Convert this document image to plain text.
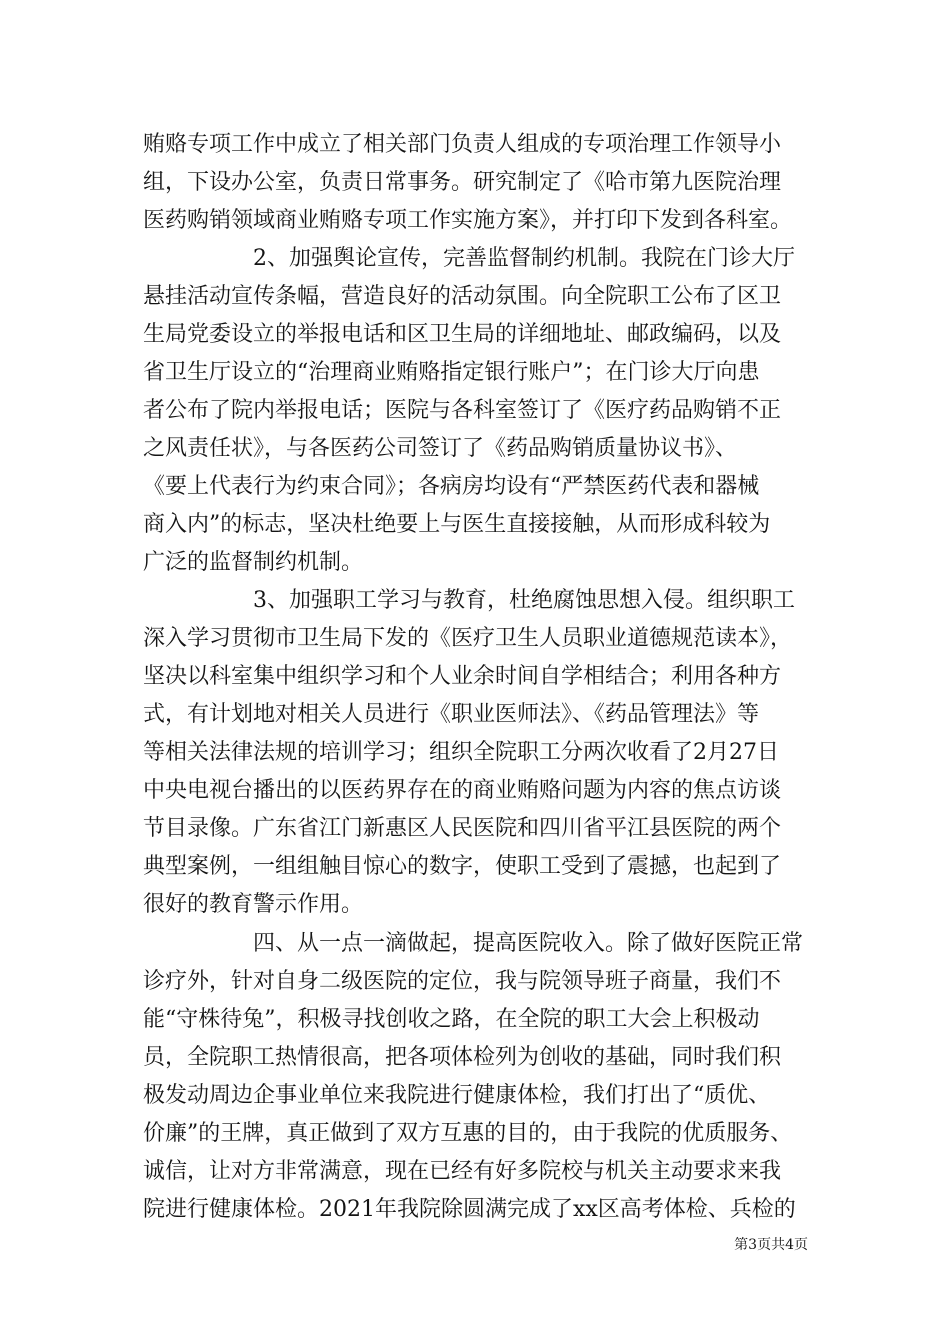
贿赂专项工作中成立了相关部门负责人组成的专项治理工作领导小
组，下设办公室，负责日常事务。研究制定了《哈市第九医院治理
医药购销领域商业贿赂专项工作实施方案》，并打印下发到各科室。
2、加强舆论宣传，完善监督制约机制。我院在门诊大厅
悬挂活动宣传条幅，营造良好的活动氛围。向全院职工公布了区卫
生局党委设立的举报电话和区卫生局的详细地址、邮政编码，以及
省卫生厅设立的“治理商业贿赂指定银行账户”；在门诊大厅向患
者公布了院内举报电话；医院与各科室签订了《医疗药品购销不正
之风责任状》，与各医药公司签订了《药品购销质量协议书》、
《要上代表行为约束合同》；各病房均设有“严禁医药代表和器械
商入内”的标志，坚决杜绝要上与医生直接接触，从而形成科较为
广泛的监督制约机制。
3、加强职工学习与教育，杜绝腐蚀思想入侵。组织职工
深入学习贯彻市卫生局下发的《医疗卫生人员职业道德规范读本》，
坚决以科室集中组织学习和个人业余时间自学相结合；利用各种方
式，有计划地对相关人员进行《职业医师法》、《药品管理法》等
等相关法律法规的培训学习；组织全院职工分两次收看了2月27日
中央电视台播出的以医药界存在的商业贿赂问题为内容的焦点访谈
节目录像。广东省江门新惠区人民医院和四川省平江县医院的两个
典型案例，一组组触目惊心的数字，使职工受到了震撼，也起到了
很好的教育警示作用。
四、从一点一滴做起，提高医院收入。除了做好医院正常
诊疗外，针对自身二级医院的定位，我与院领导班子商量，我们不
能“守株待兔”，积极寻找创收之路，在全院的职工大会上积极动
员，全院职工热情很高，把各项体检列为创收的基础，同时我们积
极发动周边企事业单位来我院进行健康体检，我们打出了“质优、
价廉”的王牌，真正做到了双方互惠的目的，由于我院的优质服务、
诚信，让对方非常满意，现在已经有好多院校与机关主动要求来我
院进行健康体检。2021年我院除圆满完成了xx区高考体检、兵检的
第3页共4页
